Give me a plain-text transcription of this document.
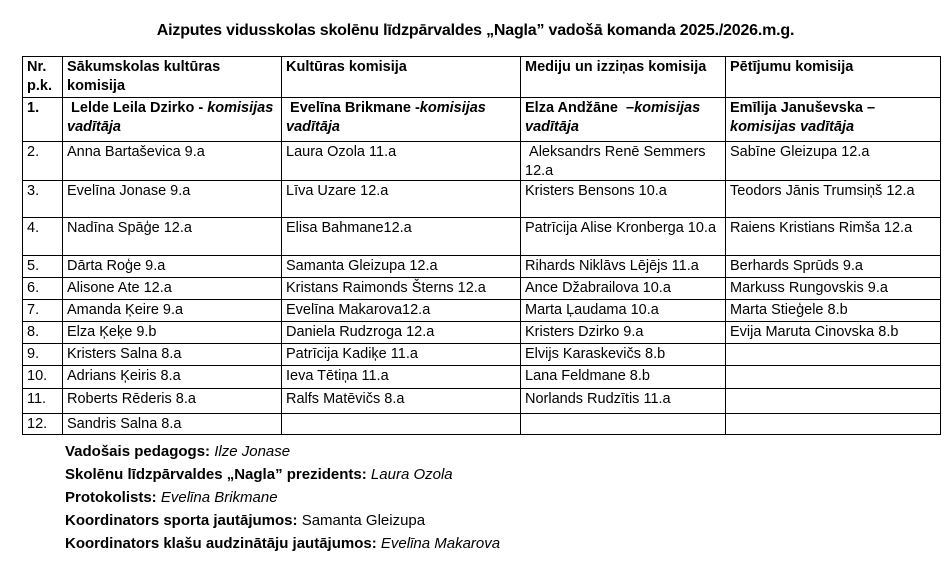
Aizputes vidusskolas skolēnu līdzpārvaldes „Nagla” vadošā komanda 2025./2026.m.g.
Nr. p.k.	Sākumskolas kultūras komisija	Kultūras komisija	Mediju un izziņas komisija	Pētījumu komisija
1.	Lelde Leila Dzirko - komisijas vadītāja	Evelīna Brikmane -komisijas vadītāja	Elza Andžāne  –komisijas vadītāja	Emīlija Januševska – komisijas vadītāja
2.	Anna Bartaševica 9.a	Laura Ozola 11.a	Aleksandrs Renē Semmers 12.a	Sabīne Gleizupa 12.a
3.	Evelīna Jonase 9.a	Līva Uzare 12.a	Kristers Bensons 10.a	Teodors Jānis Trumsiņš 12.a
4.	Nadīna Spāģe 12.a	Elisa Bahmane12.a	Patrīcija Alise Kronberga 10.a	Raiens Kristians Rimša 12.a
5.	Dārta Roģe 9.a	Samanta Gleizupa 12.a	Rihards Niklāvs Lējējs 11.a	Berhards Sprūds 9.a
6.	Alisone Ate 12.a	Kristans Raimonds Šterns 12.a	Ance Džabrailova 10.a	Markuss Rungovskis 9.a
7.	Amanda Ķeire 9.a	Evelīna Makarova12.a	Marta Ļaudama 10.a	Marta Stieģele 8.b
8.	Elza Ķeķe 9.b	Daniela Rudzroga 12.a	Kristers Dzirko 9.a	Evija Maruta Cinovska 8.b
9.	Kristers Salna 8.a	Patrīcija Kadiķe 11.a	Elvijs Karaskevičs 8.b	
10.	Adrians Ķeiris 8.a	Ieva Tētiņa 11.a	Lana Feldmane 8.b	
11.	Roberts Rēderis 8.a	Ralfs Matēvičs 8.a	Norlands Rudzītis 11.a	
12.	Sandris Salna 8.a			

Vadošais pedagogs: Ilze Jonase

Skolēnu līdzpārvaldes „Nagla” prezidents: Laura Ozola

Protokolists: Evelīna Brikmane

Koordinators sporta jautājumos: Samanta Gleizupa

Koordinators klašu audzinātāju jautājumos: Evelīna Makarova
